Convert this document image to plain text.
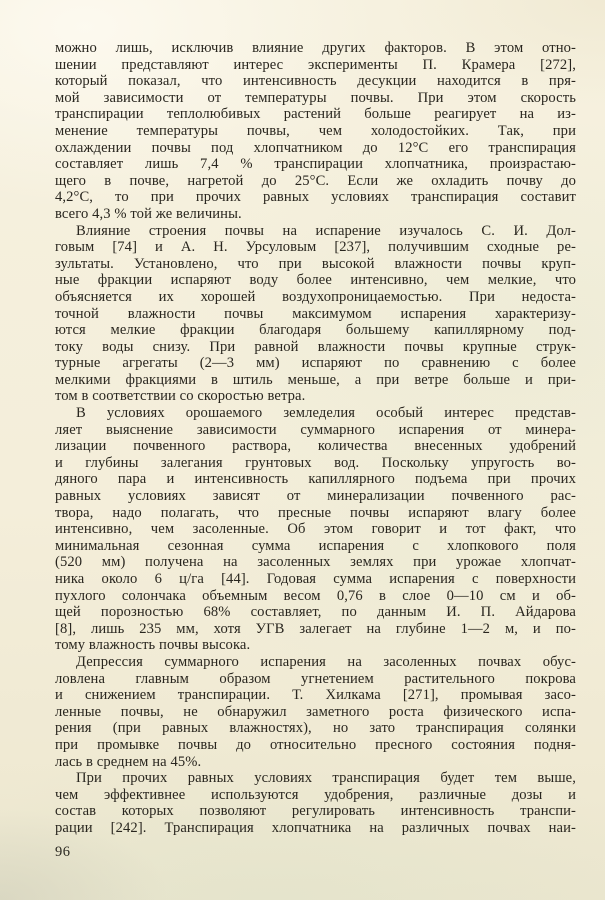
можно лишь, исключив влияние других факторов. В этом отно-
шении представляют интерес эксперименты П. Крамера [272],
который показал, что интенсивность десукции находится в пря-
мой зависимости от температуры почвы. При этом скорость
транспирации теплолюбивых растений больше реагирует на из-
менение температуры почвы, чем холодостойких. Так, при
охлаждении почвы под хлопчатником до 12°С его транспирация
составляет лишь 7,4 % транспирации хлопчатника, произрастаю-
щего в почве, нагретой до 25°С. Если же охладить почву до
4,2°С, то при прочих равных условиях транспирация составит
всего 4,3 % той же величины.
Влияние строения почвы на испарение изучалось С. И. Дол-
говым [74] и А. Н. Урсуловым [237], получившим сходные ре-
зультаты. Установлено, что при высокой влажности почвы круп-
ные фракции испаряют воду более интенсивно, чем мелкие, что
объясняется их хорошей воздухопроницаемостью. При недоста-
точной влажности почвы максимумом испарения характеризу-
ются мелкие фракции благодаря большему капиллярному под-
току воды снизу. При равной влажности почвы крупные струк-
турные агрегаты (2—3 мм) испаряют по сравнению с более
мелкими фракциями в штиль меньше, а при ветре больше и при-
том в соответствии со скоростью ветра.
В условиях орошаемого земледелия особый интерес представ-
ляет выяснение зависимости суммарного испарения от минера-
лизации почвенного раствора, количества внесенных удобрений
и глубины залегания грунтовых вод. Поскольку упругость во-
дяного пара и интенсивность капиллярного подъема при прочих
равных условиях зависят от минерализации почвенного рас-
твора, надо полагать, что пресные почвы испаряют влагу более
интенсивно, чем засоленные. Об этом говорит и тот факт, что
минимальная сезонная сумма испарения с хлопкового поля
(520 мм) получена на засоленных землях при урожае хлопчат-
ника около 6 ц/га [44]. Годовая сумма испарения с поверхности
пухлого солончака объемным весом 0,76 в слое 0—10 см и об-
щей порозностью 68% составляет, по данным И. П. Айдарова
[8], лишь 235 мм, хотя УГВ залегает на глубине 1—2 м, и по-
тому влажность почвы высока.
Депрессия суммарного испарения на засоленных почвах обус-
ловлена главным образом угнетением растительного покрова
и снижением транспирации. Т. Хилкама [271], промывая засо-
ленные почвы, не обнаружил заметного роста физического испа-
рения (при равных влажностях), но зато транспирация солянки
при промывке почвы до относительно пресного состояния подня-
лась в среднем на 45%.
При прочих равных условиях транспирация будет тем выше,
чем эффективнее используются удобрения, различные дозы и
состав которых позволяют регулировать интенсивность транспи-
рации [242]. Транспирация хлопчатника на различных почвах наи-
96
